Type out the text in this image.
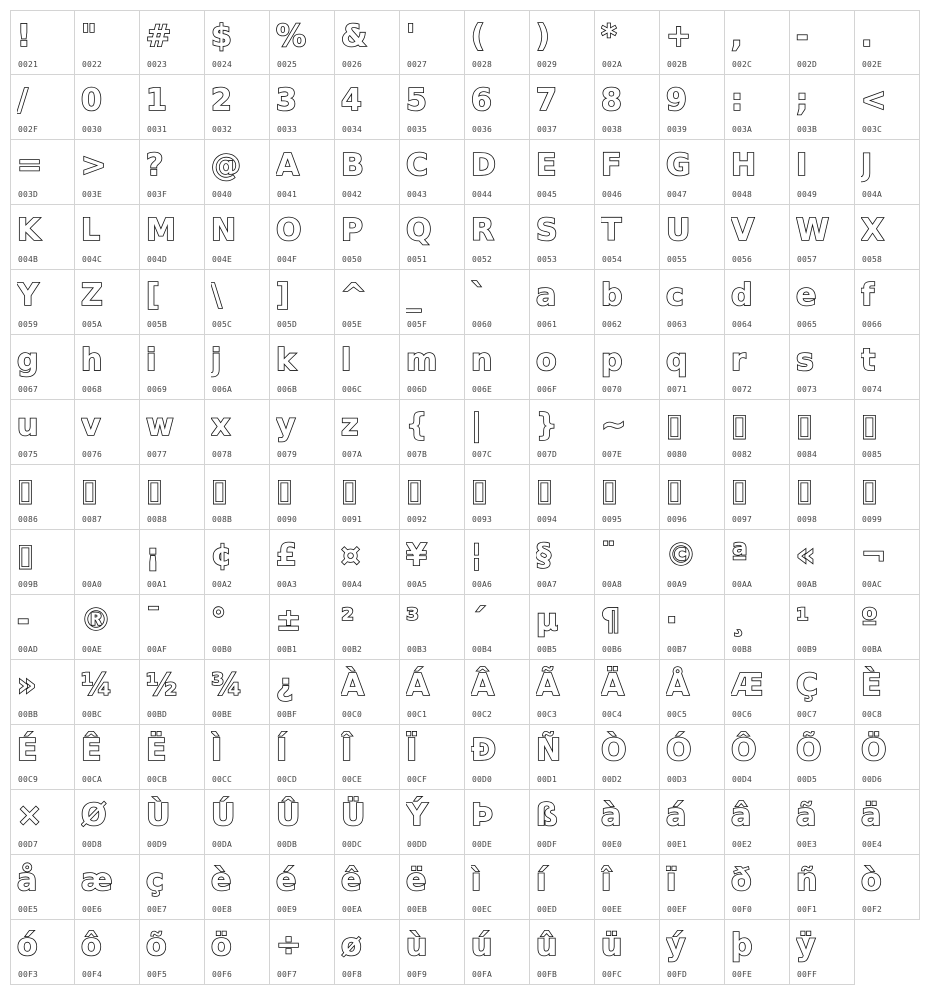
!
0021
"
0022
#
0023
$
0024
%
0025
&
0026
'
0027
(
0028
)
0029
*
002A
+
002B
,
002C
-
002D
.
002E
/
002F
0
0030
1
0031
2
0032
3
0033
4
0034
5
0035
6
0036
7
0037
8
0038
9
0039
:
003A
;
003B
<
003C
=
003D
>
003E
?
003F
@
0040
A
0041
B
0042
C
0043
D
0044
E
0045
F
0046
G
0047
H
0048
I
0049
J
004A
K
004B
L
004C
M
004D
N
004E
O
004F
P
0050
Q
0051
R
0052
S
0053
T
0054
U
0055
V
0056
W
0057
X
0058
Y
0059
Z
005A
[
005B
\
005C
]
005D
^
005E
_
005F
`
0060
a
0061
b
0062
c
0063
d
0064
e
0065
f
0066
g
0067
h
0068
i
0069
j
006A
k
006B
l
006C
m
006D
n
006E
o
006F
p
0070
q
0071
r
0072
s
0073
t
0074
u
0075
v
0076
w
0077
x
0078
y
0079
z
007A
{
007B
|
007C
}
007D
~
007E
▯
0080
▯
0082
▯
0084
▯
0085
▯
0086
▯
0087
▯
0088
▯
008B
▯
0090
▯
0091
▯
0092
▯
0093
▯
0094
▯
0095
▯
0096
▯
0097
▯
0098
▯
0099
▯
009B	00A0
¡
00A1
¢
00A2
£
00A3
¤
00A4
¥
00A5
¦
00A6
§
00A7
¨
00A8
©
00A9
ª
00AA
«
00AB
¬
00AC
-
00AD
®
00AE
¯
00AF
°
00B0
±
00B1
²
00B2
³
00B3
´
00B4
µ
00B5
¶
00B6
·
00B7
¸
00B8
¹
00B9
º
00BA
»
00BB
¼
00BC
½
00BD
¾
00BE
¿
00BF
À
00C0
Á
00C1
Â
00C2
Ã
00C3
Ä
00C4
Å
00C5
Æ
00C6
Ç
00C7
È
00C8
É
00C9
Ê
00CA
Ë
00CB
Ì
00CC
Í
00CD
Î
00CE
Ï
00CF
Ð
00D0
Ñ
00D1
Ò
00D2
Ó
00D3
Ô
00D4
Õ
00D5
Ö
00D6
×
00D7
Ø
00D8
Ù
00D9
Ú
00DA
Û
00DB
Ü
00DC
Ý
00DD
Þ
00DE
ß
00DF
à
00E0
á
00E1
â
00E2
ã
00E3
ä
00E4
å
00E5
æ
00E6
ç
00E7
è
00E8
é
00E9
ê
00EA
ë
00EB
ì
00EC
í
00ED
î
00EE
ï
00EF
ð
00F0
ñ
00F1
ò
00F2
ó
00F3
ô
00F4
õ
00F5
ö
00F6
÷
00F7
ø
00F8
ù
00F9
ú
00FA
û
00FB
ü
00FC
ý
00FD
þ
00FE
ÿ
00FF
